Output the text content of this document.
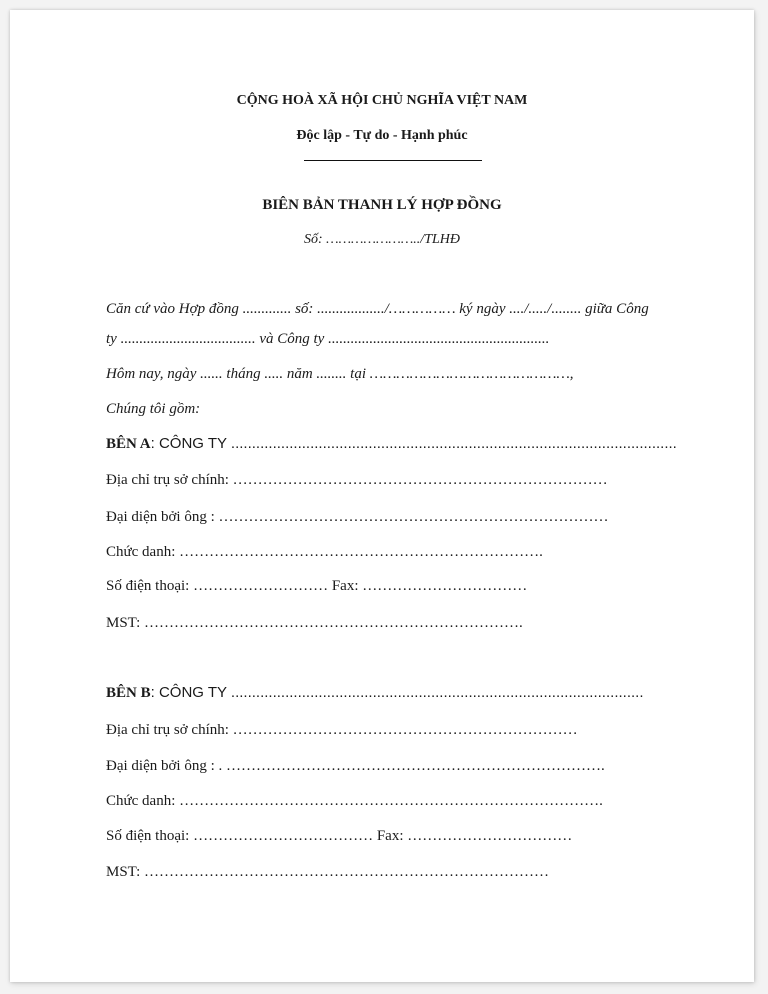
CỘNG HOÀ XÃ HỘI CHỦ NGHĨA VIỆT NAM
Độc lập - Tự do - Hạnh phúc
BIÊN BẢN THANH LÝ HỢP ĐỒNG
Số: …………………../TLHĐ
Căn cứ vào Hợp đồng ............. số: ................../…………… ký ngày ..../...../........ giữa Công
ty .................................... và Công ty ...........................................................
Hôm nay, ngày ...... tháng ..... năm ........ tại ………………………………………,
Chúng tôi gồm:
BÊN A: CÔNG TY ...........................................................................................................
Địa chỉ trụ sở chính: …………………………………………………………………
Đại diện bởi ông : ……………………………………………………………………
Chức danh: ……………………………………………………………….
Số điện thoại: ……………………… Fax: ……………………………
MST: ………………………………………………………………….
BÊN B: CÔNG TY ...................................................................................................
Địa chỉ trụ sở chính: ……………………………………………………………
Đại diện bởi ông : . ………………………………………………………………….
Chức danh: ………………………………………………………………………….
Số điện thoại: ……………………………… Fax: ……………………………
MST: ………………………………………………………………………
